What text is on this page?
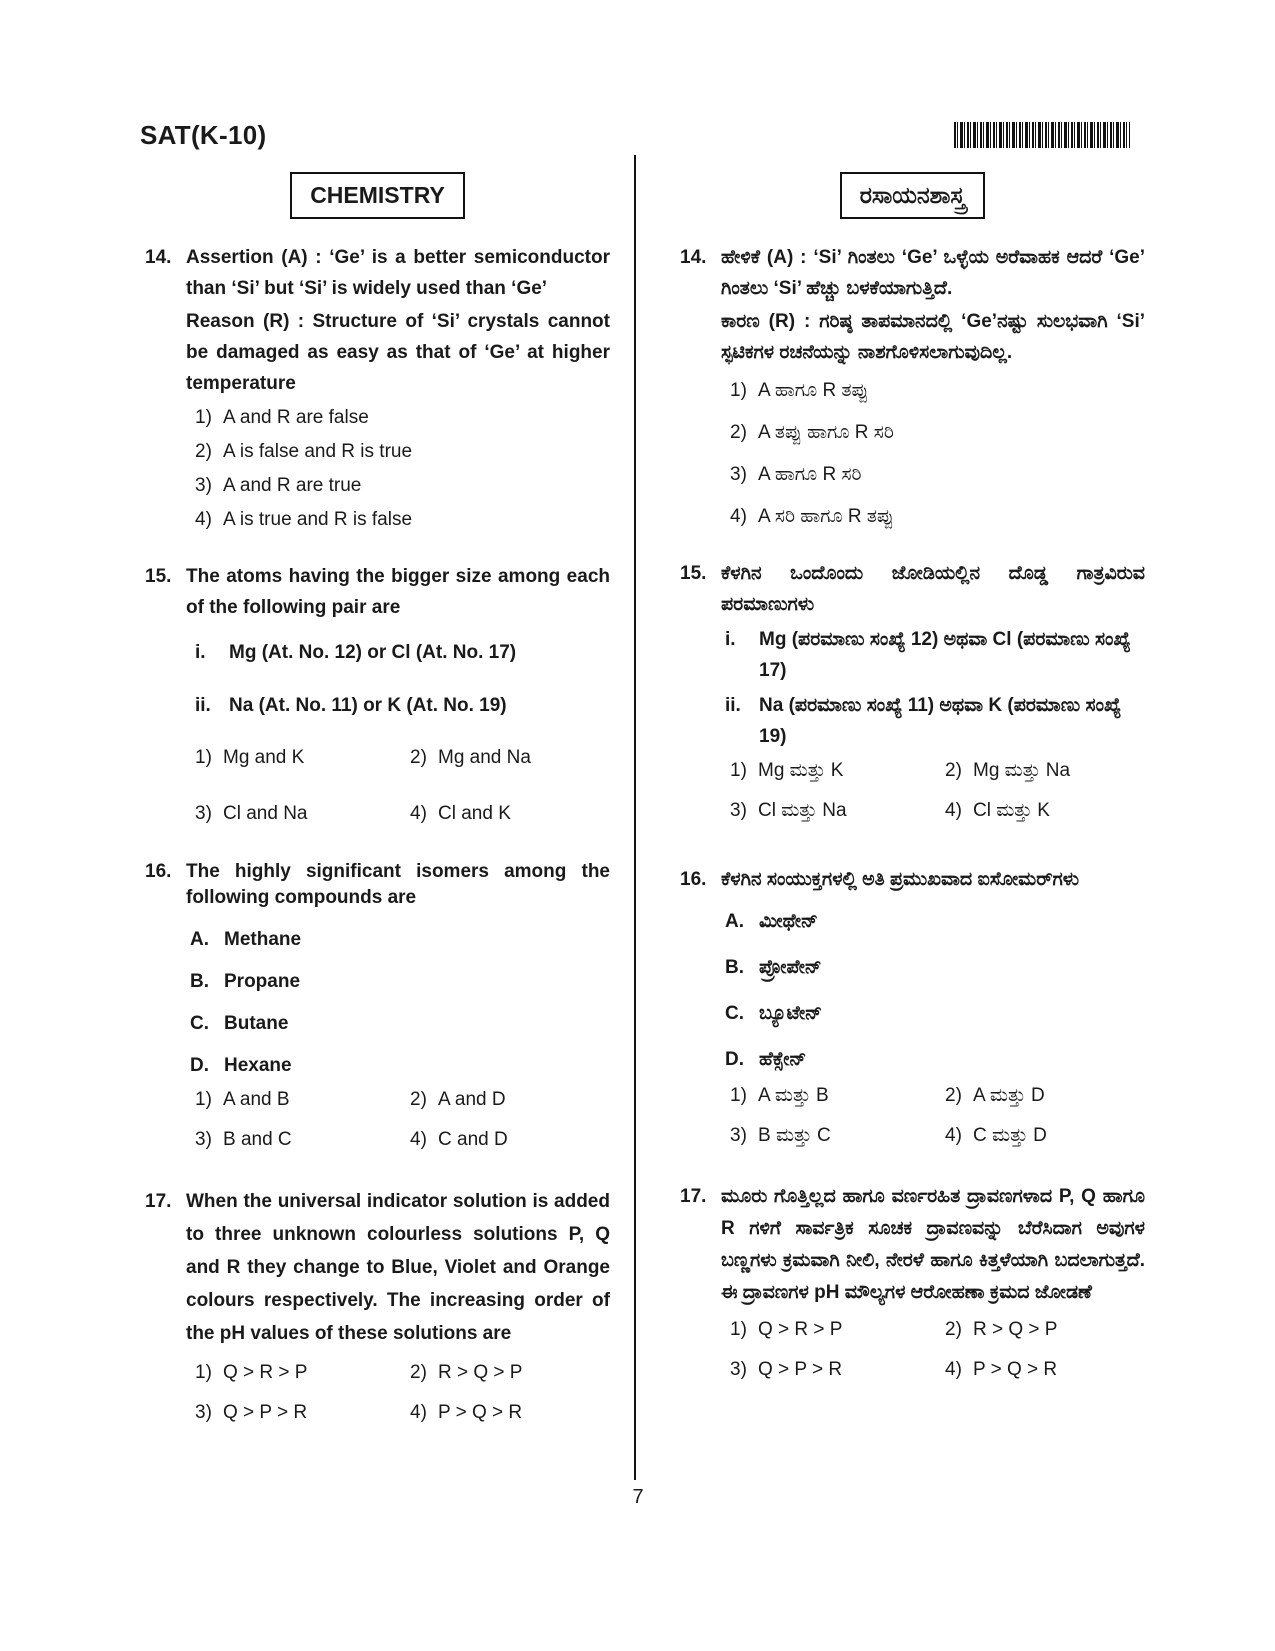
SAT(K-10)
7
CHEMISTRY
14. Assertion (A) : ‘Ge’ is a better semiconductor than ‘Si’ but ‘Si’ is widely used than ‘Ge’
Reason (R) : Structure of ‘Si’ crystals cannot be damaged as easy as that of ‘Ge’ at higher temperature
1) A and R are false
2) A is false and R is true
3) A and R are true
4) A is true and R is false
15. The atoms having the bigger size among each of the following pair are
i.	Mg (At. No. 12) or Cl (At. No. 17)
ii. Na (At. No. 11) or K (At. No. 19)
1) Mg and K	2) Mg and Na
3) Cl and Na	4) Cl and K
16. The highly significant isomers among the following compounds are
A. Methane
B. Propane
C. Butane
D. Hexane
1) A and B	2) A and D
3) B and C	4) C and D
17. When the universal indicator solution is added to three unknown colourless solutions P, Q and R they change to Blue, Violet and Orange colours respectively. The increasing order of the pH values of these solutions are
1) Q > R > P	2) R > Q > P
3) Q > P > R	4) P > Q > R
ರಸಾಯನಶಾಸ್ತ್ರ
14. ಹೇಳಿಕೆ (A) : ‘Si’ ಗಿಂತಲು ‘Ge’ ಒಳ್ಳೆಯ ಅರೆವಾಹಕ ಆದರೆ ‘Ge’ ಗಿಂತಲು ‘Si’ ಹೆಚ್ಚು ಬಳಕೆಯಾಗುತ್ತಿದೆ.
ಕಾರಣ (R) : ಗರಿಷ್ಠ ತಾಪಮಾನದಲ್ಲಿ ‘Ge’ನಷ್ಟು ಸುಲಭವಾಗಿ ‘Si’ ಸ್ಫಟಿಕಗಳ ರಚನೆಯನ್ನು ನಾಶಗೊಳಿಸಲಾಗುವುದಿಲ್ಲ.
1) A ಹಾಗೂ R ತಪ್ಪು
2) A ತಪ್ಪು ಹಾಗೂ R ಸರಿ
3) A ಹಾಗೂ R ಸರಿ
4) A ಸರಿ ಹಾಗೂ R ತಪ್ಪು
15. ಕೆಳಗಿನ ಒಂದೊಂದು ಜೋಡಿಯಲ್ಲಿನ ದೊಡ್ಡ ಗಾತ್ರವಿರುವ ಪರಮಾಣುಗಳು
i.	Mg (ಪರಮಾಣು ಸಂಖ್ಯೆ 12) ಅಥವಾ Cl (ಪರಮಾಣು ಸಂಖ್ಯೆ 17)
ii. Na (ಪರಮಾಣು ಸಂಖ್ಯೆ 11) ಅಥವಾ K (ಪರಮಾಣು ಸಂಖ್ಯೆ 19)
1) Mg ಮತ್ತು K	2) Mg ಮತ್ತು Na
3) Cl ಮತ್ತು Na	4) Cl ಮತ್ತು K
16. ಕೆಳಗಿನ ಸಂಯುಕ್ತಗಳಲ್ಲಿ ಅತಿ ಪ್ರಮುಖವಾದ ಐಸೋಮರ್‌ಗಳು
A. ಮೀಥೇನ್
B. ಪ್ರೋಪೇನ್
C. ಬ್ಯೂಟೇನ್
D. ಹೆಕ್ಸೇನ್
1) A ಮತ್ತು B	2) A ಮತ್ತು D
3) B ಮತ್ತು C	4) C ಮತ್ತು D
17. ಮೂರು ಗೊತ್ತಿಲ್ಲದ ಹಾಗೂ ವರ್ಣರಹಿತ ದ್ರಾವಣಗಳಾದ P, Q ಹಾಗೂ R ಗಳಿಗೆ ಸಾರ್ವತ್ರಿಕ ಸೂಚಕ ದ್ರಾವಣವನ್ನು ಬೆರೆಸಿದಾಗ ಅವುಗಳ ಬಣ್ಣಗಳು ಕ್ರಮವಾಗಿ ನೀಲಿ, ನೇರಳೆ ಹಾಗೂ ಕಿತ್ತಳೆಯಾಗಿ ಬದಲಾಗುತ್ತದೆ. ಈ ದ್ರಾವಣಗಳ pH ಮೌಲ್ಯಗಳ ಆರೋಹಣಾ ಕ್ರಮದ ಜೋಡಣೆ
1) Q > R > P	2) R > Q > P
3) Q > P > R	4) P > Q > R
